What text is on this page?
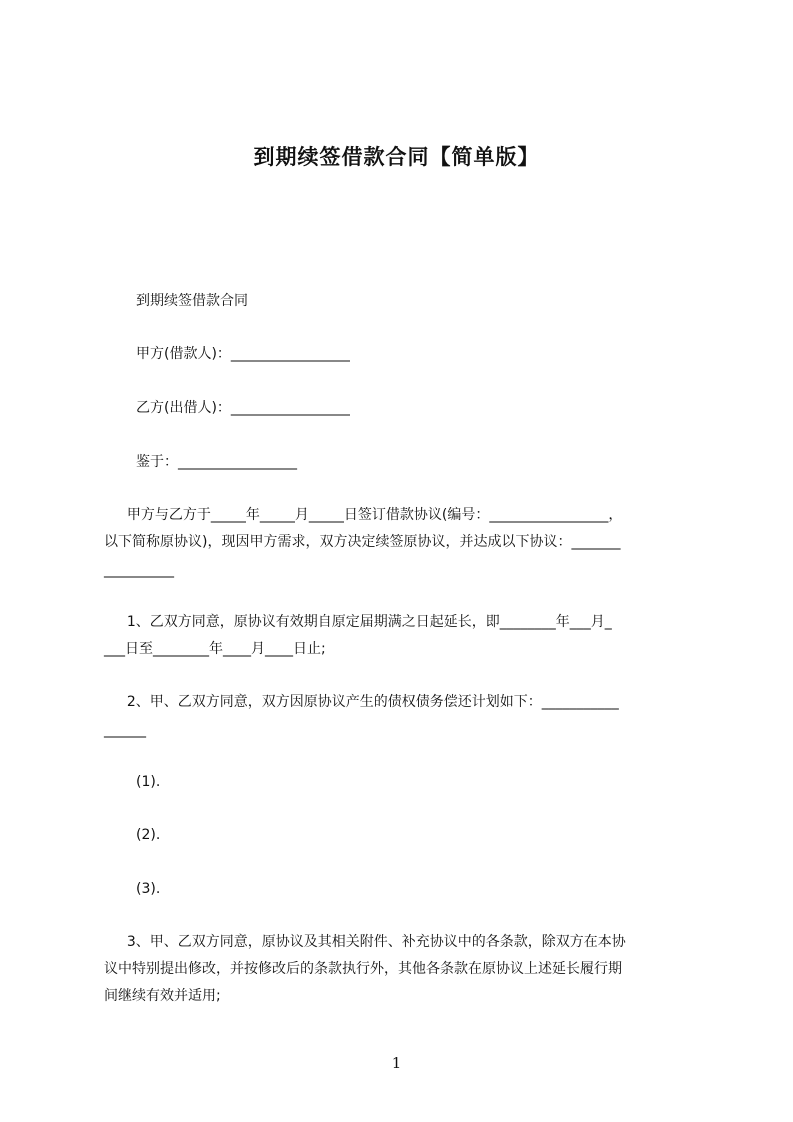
到期续签借款合同【简单版】
到期续签借款合同
甲方(借款人)：_________________
乙方(出借人)：_________________
鉴于：_________________
甲方与乙方于_____年_____月_____日签订借款协议(编号：_________________，
以下简称原协议)，现因甲方需求，双方决定续签原协议，并达成以下协议：_______
__________
1、乙双方同意，原协议有效期自原定届期满之日起延长，即________年___月_
___日至________年____月____日止;
2、甲、乙双方同意，双方因原协议产生的债权债务偿还计划如下：___________
______
(1).
(2).
(3).
3、甲、乙双方同意，原协议及其相关附件、补充协议中的各条款，除双方在本协
议中特别提出修改，并按修改后的条款执行外，其他各条款在原协议上述延长履行期
间继续有效并适用;
1
